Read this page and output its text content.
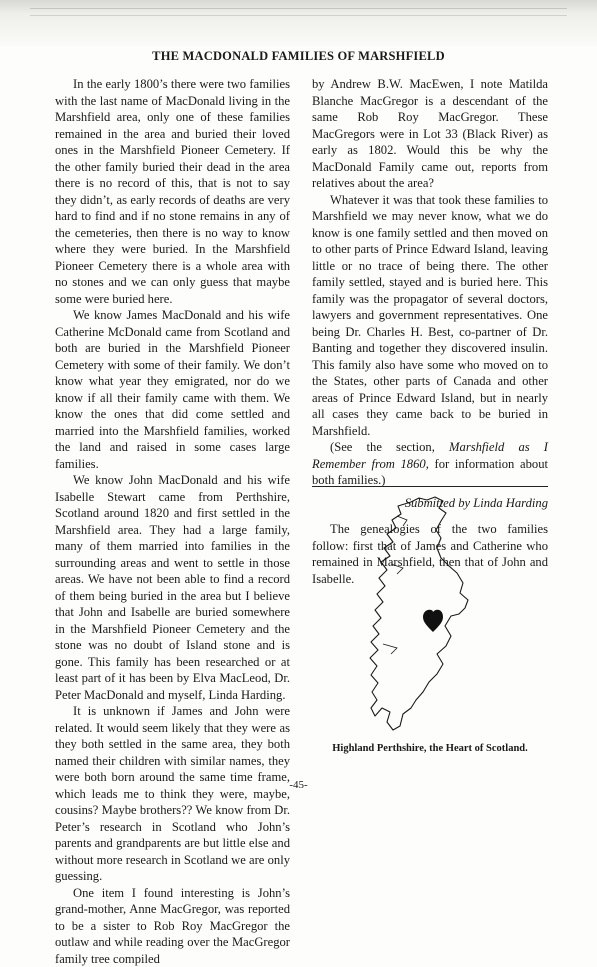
THE MACDONALD FAMILIES OF MARSHFIELD

In the early 1800’s there were two families with the last name of MacDonald living in the Marshfield area, only one of these families remained in the area and buried their loved ones in the Marshfield Pioneer Cemetery. If the other family buried their dead in the area there is no record of this, that is not to say they didn’t, as early records of deaths are very hard to find and if no stone remains in any of the cemeteries, then there is no way to know where they were buried. In the Marshfield Pioneer Cemetery there is a whole area with no stones and we can only guess that maybe some were buried here.

We know James MacDonald and his wife Catherine McDonald came from Scotland and both are buried in the Marshfield Pioneer Cemetery with some of their family. We don’t know what year they emigrated, nor do we know if all their family came with them. We know the ones that did come settled and married into the Marshfield families, worked the land and raised in some cases large families.

We know John MacDonald and his wife Isabelle Stewart came from Perthshire, Scotland around 1820 and first settled in the Marshfield area. They had a large family, many of them married into families in the surrounding areas and went to settle in those areas. We have not been able to find a record of them being buried in the area but I believe that John and Isabelle are buried somewhere in the Marshfield Pioneer Cemetery and the stone was no doubt of Island stone and is gone. This family has been researched or at least part of it has been by Elva MacLeod, Dr. Peter MacDonald and myself, Linda Harding.

It is unknown if James and John were related. It would seem likely that they were as they both settled in the same area, they both named their children with similar names, they were both born around the same time frame, which leads me to think they were, maybe, cousins? Maybe brothers?? We know from Dr. Peter’s research in Scotland who John’s parents and grandparents are but little else and without more research in Scotland we are only guessing.

One item I found interesting is John’s grand-mother, Anne MacGregor, was reported to be a sister to Rob Roy MacGregor the outlaw and while reading over the MacGregor family tree compiled

by Andrew B.W. MacEwen, I note Matilda Blanche MacGregor is a descendant of the same Rob Roy MacGregor. These MacGregors were in Lot 33 (Black River) as early as 1802. Would this be why the MacDonald Family came out, reports from relatives about the area?

Whatever it was that took these families to Marshfield we may never know, what we do know is one family settled and then moved on to other parts of Prince Edward Island, leaving little or no trace of being there. The other family settled, stayed and is buried here. This family was the propagator of several doctors, lawyers and government representatives. One being Dr. Charles H. Best, co-partner of Dr. Banting and together they discovered insulin. This family also have some who moved on to the States, other parts of Canada and other areas of Prince Edward Island, but in nearly all cases they came back to be buried in Marshfield.

(See the section, Marshfield as I Remember from 1860, for information about both families.)

Submitted by Linda Harding

The genealogies of the two families follow: first that of James and Catherine who remained in Marshfield, then that of John and Isabelle.

Highland Perthshire, the Heart of Scotland.
-45-
